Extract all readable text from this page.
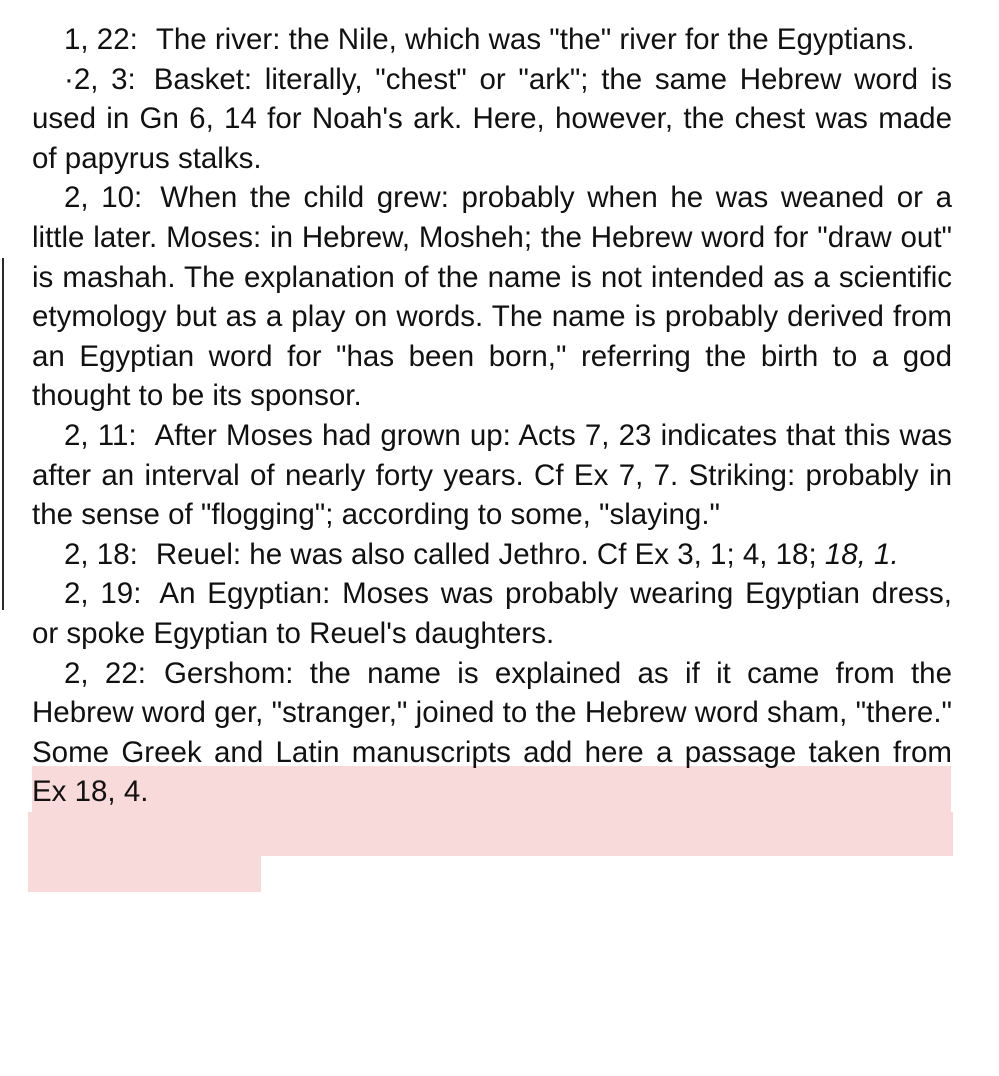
1, 22: The river: the Nile, which was "the" river for the Egyptians.

·2, 3: Basket: literally, "chest" or "ark"; the same Hebrew word is used in Gn 6, 14 for Noah's ark. Here, however, the chest was made of papyrus stalks.

2, 10: When the child grew: probably when he was weaned or a little later. Moses: in Hebrew, Mosheh; the Hebrew word for "draw out" is mashah. The explanation of the name is not intended as a scientific etymology but as a play on words. The name is probably derived from an Egyptian word for "has been born," referring the birth to a god thought to be its sponsor.

2, 11: After Moses had grown up: Acts 7, 23 indicates that this was after an interval of nearly forty years. Cf Ex 7, 7. Striking: probably in the sense of "flogging"; according to some, "slaying."

2, 18: Reuel: he was also called Jethro. Cf Ex 3, 1; 4, 18; 18, 1.

2, 19: An Egyptian: Moses was probably wearing Egyptian dress, or spoke Egyptian to Reuel's daughters.

2, 22: Gershom: the name is explained as if it came from the Hebrew word ger, "stranger," joined to the Hebrew word sham, "there." Some Greek and Latin manuscripts add here a passage taken from Ex 18, 4.
